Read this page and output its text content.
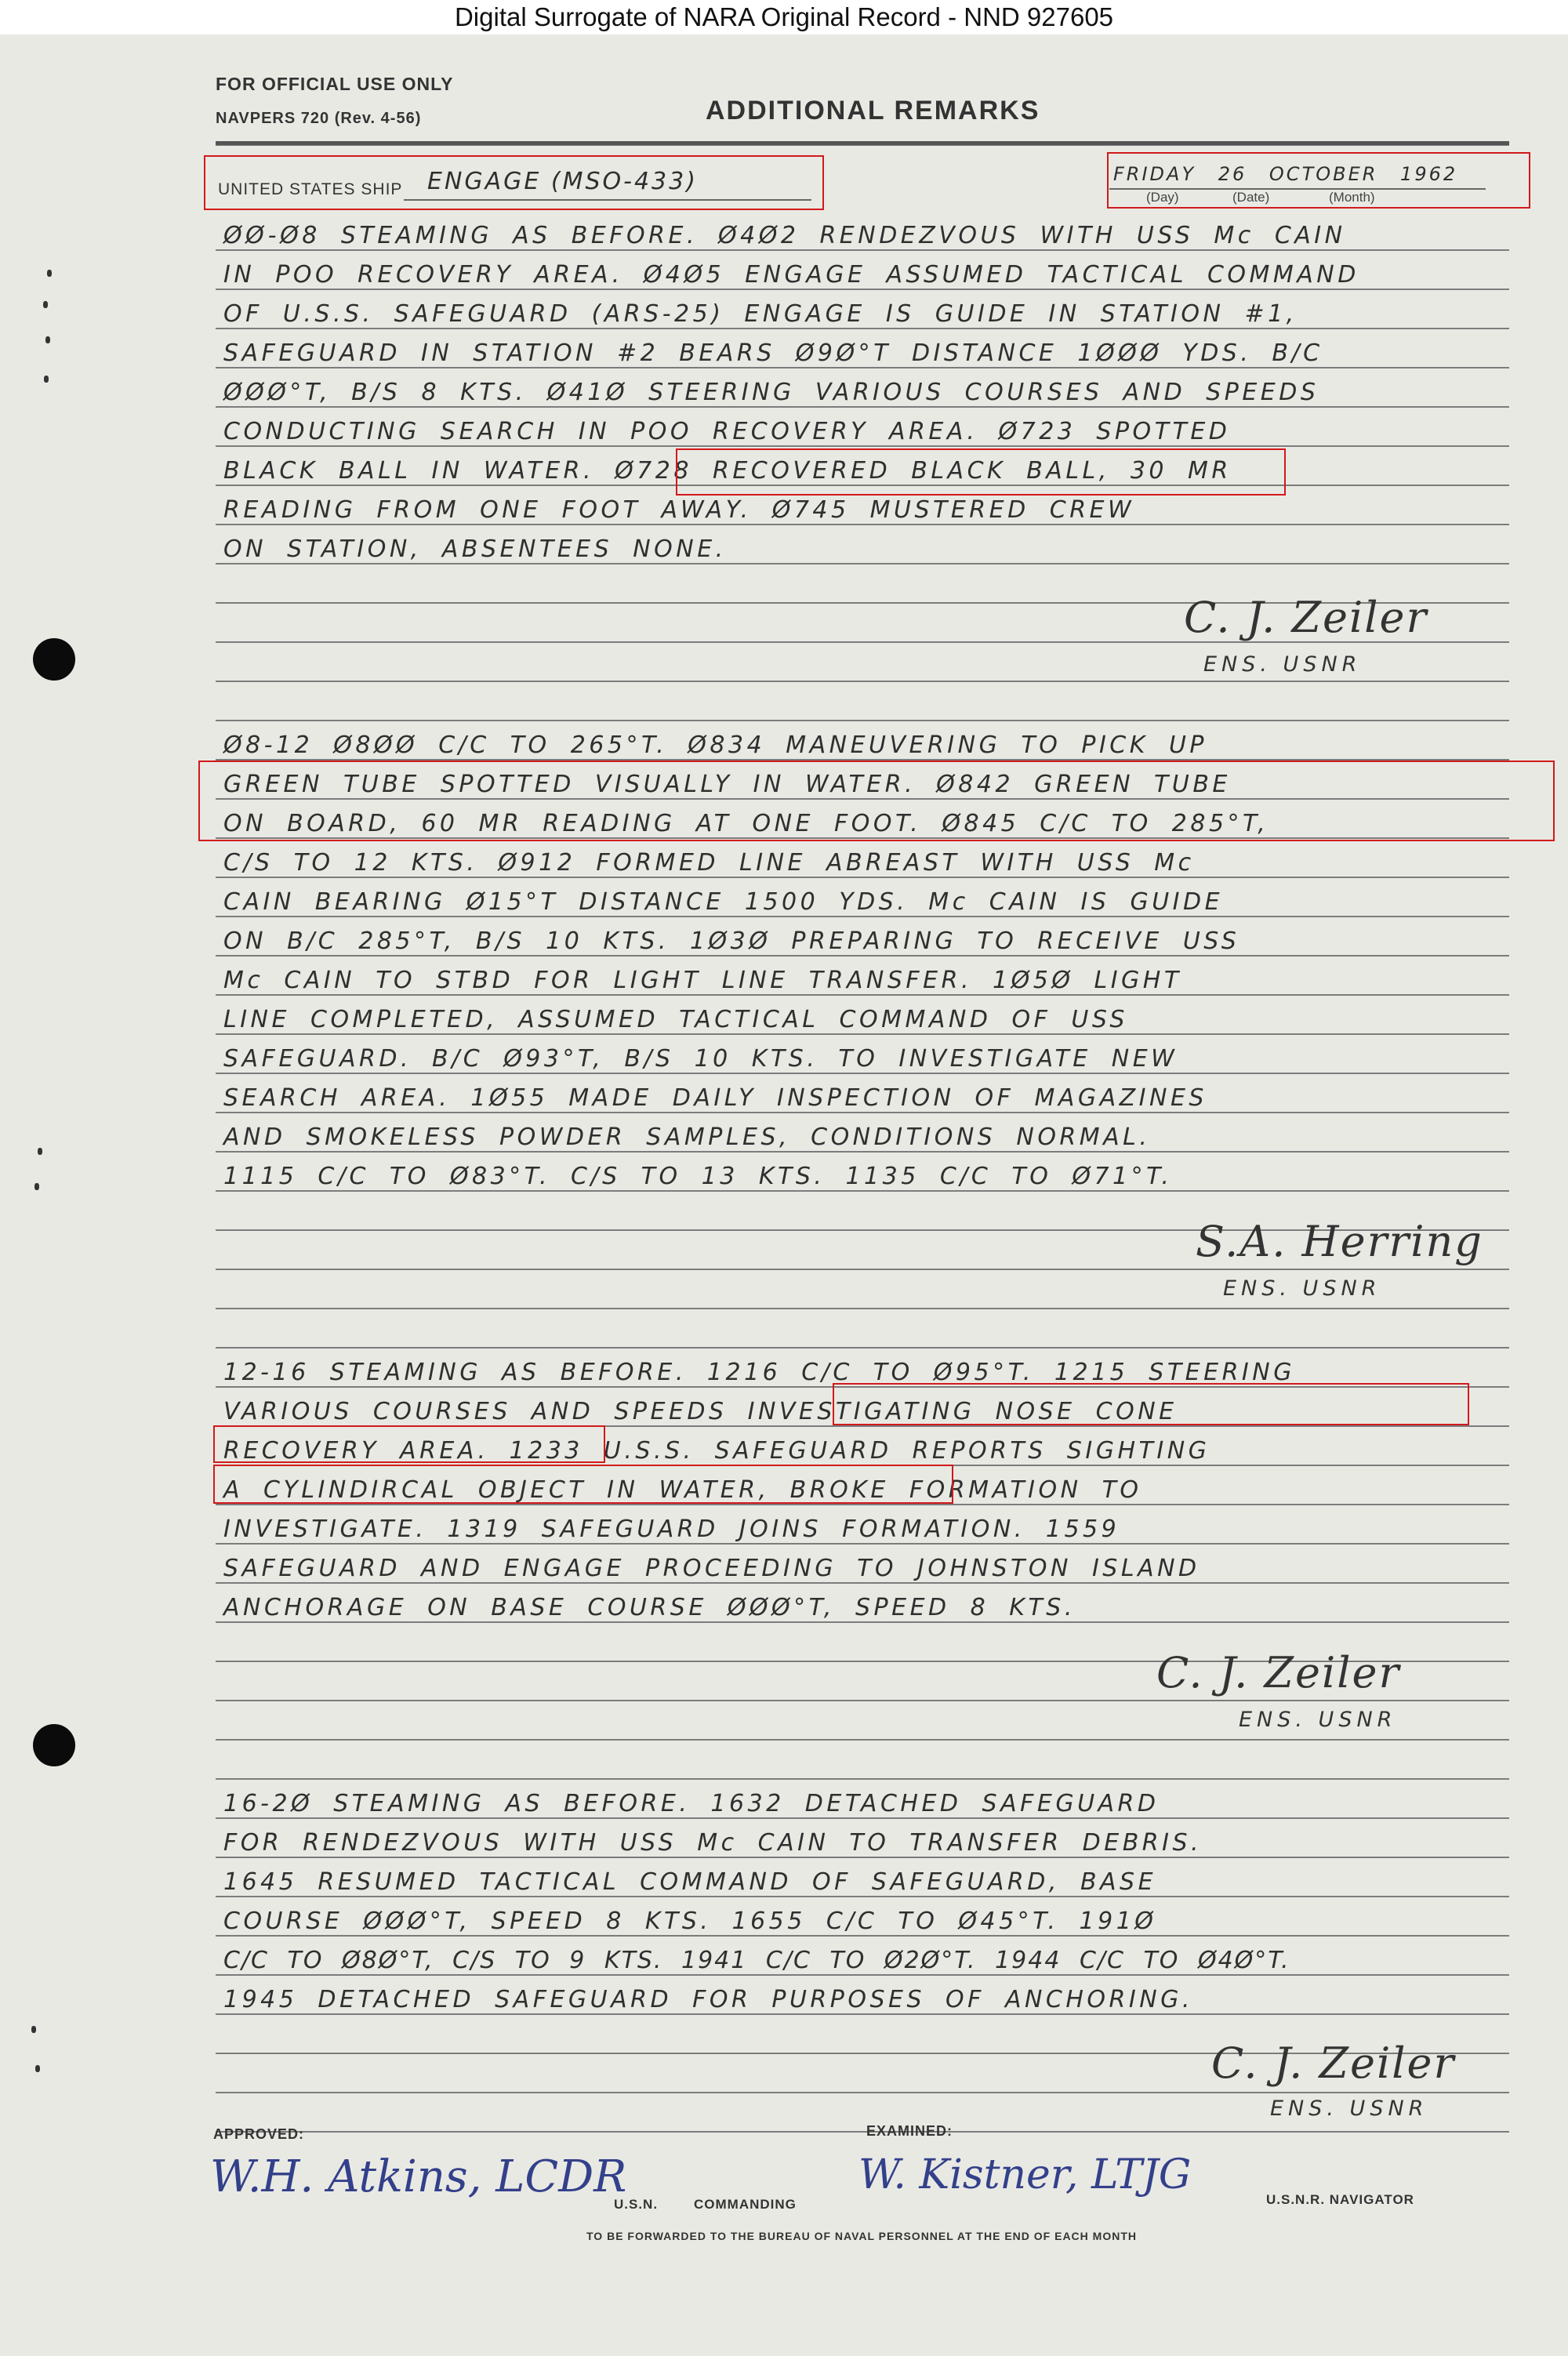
Digital Surrogate of NARA Original Record - NND 927605
FOR OFFICIAL USE ONLY
NAVPERS 720 (Rev. 4-56)	ADDITIONAL REMARKS
UNITED STATES SHIP ENGAGE (MSO-433)	FRIDAY 26 OCTOBER 1962
(Day)	(Date)	(Month)
ØØ-Ø8 STEAMING AS BEFORE. Ø4Ø2 RENDEZVOUS WITH USS Mc CAIN
IN POO RECOVERY AREA. Ø4Ø5 ENGAGE ASSUMED TACTICAL COMMAND
OF U.S.S. SAFEGUARD (ARS-25) ENGAGE IS GUIDE IN STATION #1,
SAFEGUARD IN STATION #2 BEARS Ø9Ø°T DISTANCE 1ØØØ YDS. B/C
ØØØ°T, B/S 8 KTS. Ø41Ø STEERING VARIOUS COURSES AND SPEEDS
CONDUCTING SEARCH IN POO RECOVERY AREA. Ø723 SPOTTED
BLACK BALL IN WATER. Ø728 RECOVERED BLACK BALL, 30 MR
READING FROM ONE FOOT AWAY. Ø745 MUSTERED CREW
ON STATION, ABSENTEES NONE.
C. J. Zeiler
ENS. USNR
Ø8-12 Ø8ØØ C/C TO 265°T. Ø834 MANEUVERING TO PICK UP
GREEN TUBE SPOTTED VISUALLY IN WATER. Ø842 GREEN TUBE
ON BOARD, 60 MR READING AT ONE FOOT. Ø845 C/C TO 285°T,
C/S TO 12 KTS. Ø912 FORMED LINE ABREAST WITH USS Mc
CAIN BEARING Ø15°T DISTANCE 1500 YDS. Mc CAIN IS GUIDE
ON B/C 285°T, B/S 10 KTS. 1Ø3Ø PREPARING TO RECEIVE USS
Mc CAIN TO STBD FOR LIGHT LINE TRANSFER. 1Ø5Ø LIGHT
LINE COMPLETED, ASSUMED TACTICAL COMMAND OF USS
SAFEGUARD. B/C Ø93°T, B/S 10 KTS. TO INVESTIGATE NEW
SEARCH AREA. 1Ø55 MADE DAILY INSPECTION OF MAGAZINES
AND SMOKELESS POWDER SAMPLES, CONDITIONS NORMAL.
1115 C/C TO Ø83°T. C/S TO 13 KTS. 1135 C/C TO Ø71°T.
S.A. Herring
ENS. USNR
12-16 STEAMING AS BEFORE. 1216 C/C TO Ø95°T. 1215 STEERING
VARIOUS COURSES AND SPEEDS INVESTIGATING NOSE CONE
RECOVERY AREA. 1233 U.S.S. SAFEGUARD REPORTS SIGHTING
A CYLINDIRCAL OBJECT IN WATER, BROKE FORMATION TO
INVESTIGATE. 1319 SAFEGUARD JOINS FORMATION. 1559
SAFEGUARD AND ENGAGE PROCEEDING TO JOHNSTON ISLAND
ANCHORAGE ON BASE COURSE ØØØ°T, SPEED 8 KTS.
C. J. Zeiler
ENS. USNR
16-2Ø STEAMING AS BEFORE. 1632 DETACHED SAFEGUARD
FOR RENDEZVOUS WITH USS Mc CAIN TO TRANSFER DEBRIS.
1645 RESUMED TACTICAL COMMAND OF SAFEGUARD, BASE
COURSE ØØØ°T, SPEED 8 KTS. 1655 C/C TO Ø45°T. 191Ø
C/C TO Ø8Ø°T, C/S TO 9 KTS. 1941 C/C TO Ø2Ø°T. 1944 C/C TO Ø4Ø°T.
1945 DETACHED SAFEGUARD FOR PURPOSES OF ANCHORING.
C. J. Zeiler
ENS. USNR
APPROVED:	EXAMINED:
W.H. Atkins, LCDR
U.S.N.	COMMANDING
W. Kistner, LTJG
U.S.N.R. NAVIGATOR
TO BE FORWARDED TO THE BUREAU OF NAVAL PERSONNEL AT THE END OF EACH MONTH
